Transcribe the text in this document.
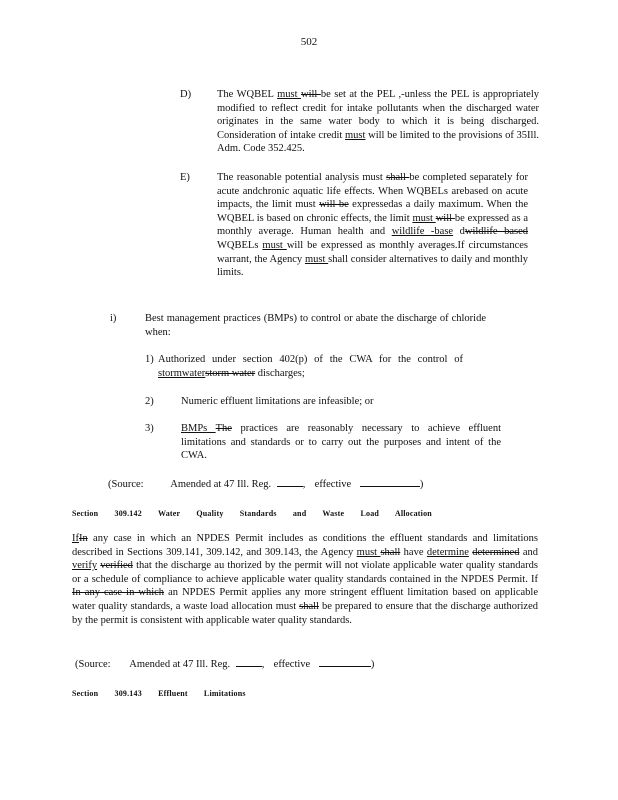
502
D) The WQBEL must will be set at the PEL ,-unless the PEL is appropriately modified to reflect credit for intake pollutants when the discharged water originates in the same water body to which it is being discharged. Consideration of intake credit must will be limited to the provisions of 35Ill. Adm. Code 352.425.
E)	The reasonable potential analysis must shall be completed separately for acute andchronic aquatic life effects. When WQBELs arebased on acute impacts, the limit must will be expressedas a daily maximum. When the WQBEL is based on chronic effects, the limit must will be expressed as a monthly average. Human health and wildlife -base dwildlife based WQBELs must will be expressed as monthly averages.If circumstances warrant, the Agency must shall consider alternatives to daily and monthly limits.
i)	Best management practices (BMPs) to control or abate the discharge of chloride when:
1) Authorized under section 402(p) of the CWA for the control of stormwaterstorm water discharges;
2)	Numeric effluent limitations are infeasible; or
3)	BMPs The practices are reasonably necessary to achieve effluent limitations and standards or to carry out the purposes and intent of the CWA.
(Source:	Amended at 47 Ill. Reg.	, effective	)
Section 309.142 Water Quality Standards and Waste Load Allocation
IfIn any case in which an NPDES Permit includes as conditions the effluent standards and limitations described in Sections 309.141, 309.142, and 309.143, the Agency must shall have determine determined and verify verified that the discharge au thorized by the permit will not violate applicable water quality standards or a schedule of compliance to achieve applicable water quality standards contained in the NPDES Permit. If In any case in which an NPDES Permit applies any more stringent effluent limitation based on applicable water quality standards, a waste load allocation must shall be prepared to ensure that the discharge authorized by the permit is consistent with applicable water quality standards.
(Source: Amended at 47 Ill. Reg.	, effective	)
Section 309.143 Effluent Limitations
